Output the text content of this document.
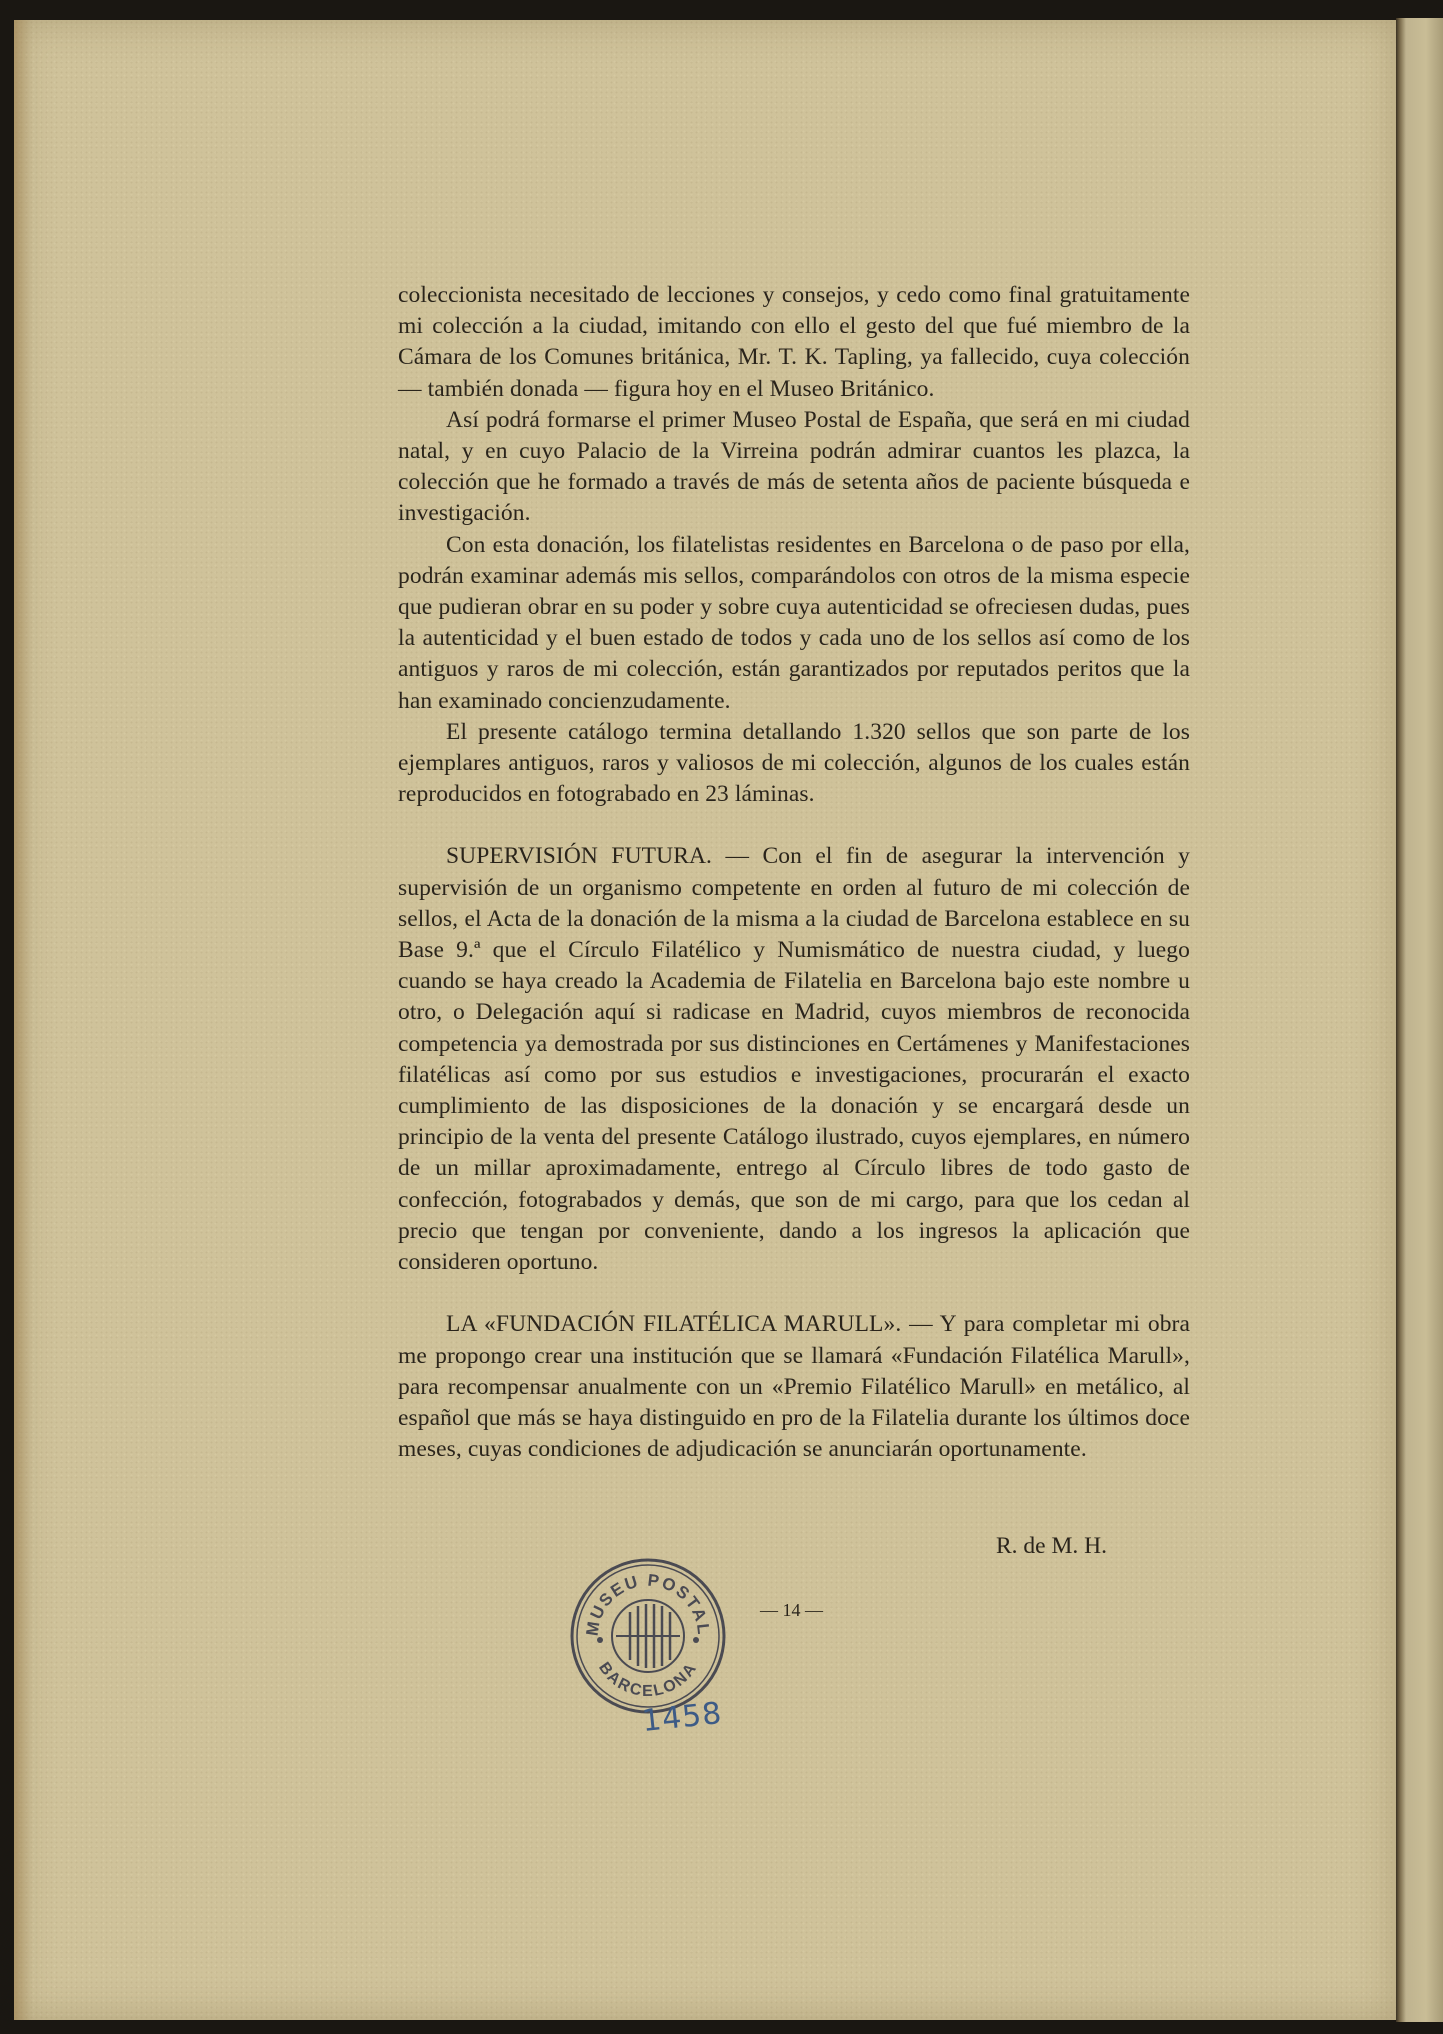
coleccionista necesitado de lecciones y consejos, y cedo como final gratuitamente mi colección a la ciudad, imitando con ello el gesto del que fué miembro de la Cámara de los Comunes británica, Mr. T. K. Tapling, ya fallecido, cuya colección — también donada — figura hoy en el Museo Británico.

Así podrá formarse el primer Museo Postal de España, que será en mi ciudad natal, y en cuyo Palacio de la Virreina podrán admirar cuantos les plazca, la colección que he formado a través de más de setenta años de paciente búsqueda e investigación.

Con esta donación, los filatelistas residentes en Barcelona o de paso por ella, podrán examinar además mis sellos, comparándolos con otros de la misma especie que pudieran obrar en su poder y sobre cuya autenticidad se ofreciesen dudas, pues la autenticidad y el buen estado de todos y cada uno de los sellos así como de los antiguos y raros de mi colección, están garantizados por reputados peritos que la han examinado concienzudamente.

El presente catálogo termina detallando 1.320 sellos que son parte de los ejemplares antiguos, raros y valiosos de mi colección, algunos de los cuales están reproducidos en fotograbado en 23 láminas.

SUPERVISIÓN FUTURA. — Con el fin de asegurar la intervención y supervisión de un organismo competente en orden al futuro de mi colección de sellos, el Acta de la donación de la misma a la ciudad de Barcelona establece en su Base 9.ª que el Círculo Filatélico y Numismático de nuestra ciudad, y luego cuando se haya creado la Academia de Filatelia en Barcelona bajo este nombre u otro, o Delegación aquí si radicase en Madrid, cuyos miembros de reconocida competencia ya demostrada por sus distinciones en Certámenes y Manifestaciones filatélicas así como por sus estudios e investigaciones, procurarán el exacto cumplimiento de las disposiciones de la donación y se encargará desde un principio de la venta del presente Catálogo ilustrado, cuyos ejemplares, en número de un millar aproximadamente, entrego al Círculo libres de todo gasto de confección, fotograbados y demás, que son de mi cargo, para que los cedan al precio que tengan por conveniente, dando a los ingresos la aplicación que consideren oportuno.

LA «FUNDACIÓN FILATÉLICA MARULL». — Y para completar mi obra me propongo crear una institución que se llamará «Fundación Filatélica Marull», para recompensar anualmente con un «Premio Filatélico Marull» en metálico, al español que más se haya distinguido en pro de la Filatelia durante los últimos doce meses, cuyas condiciones de adjudicación se anunciarán oportunamente.

R. de M. H.
— 14 —
MUSEU POSTAL
BARCELONA
1458
